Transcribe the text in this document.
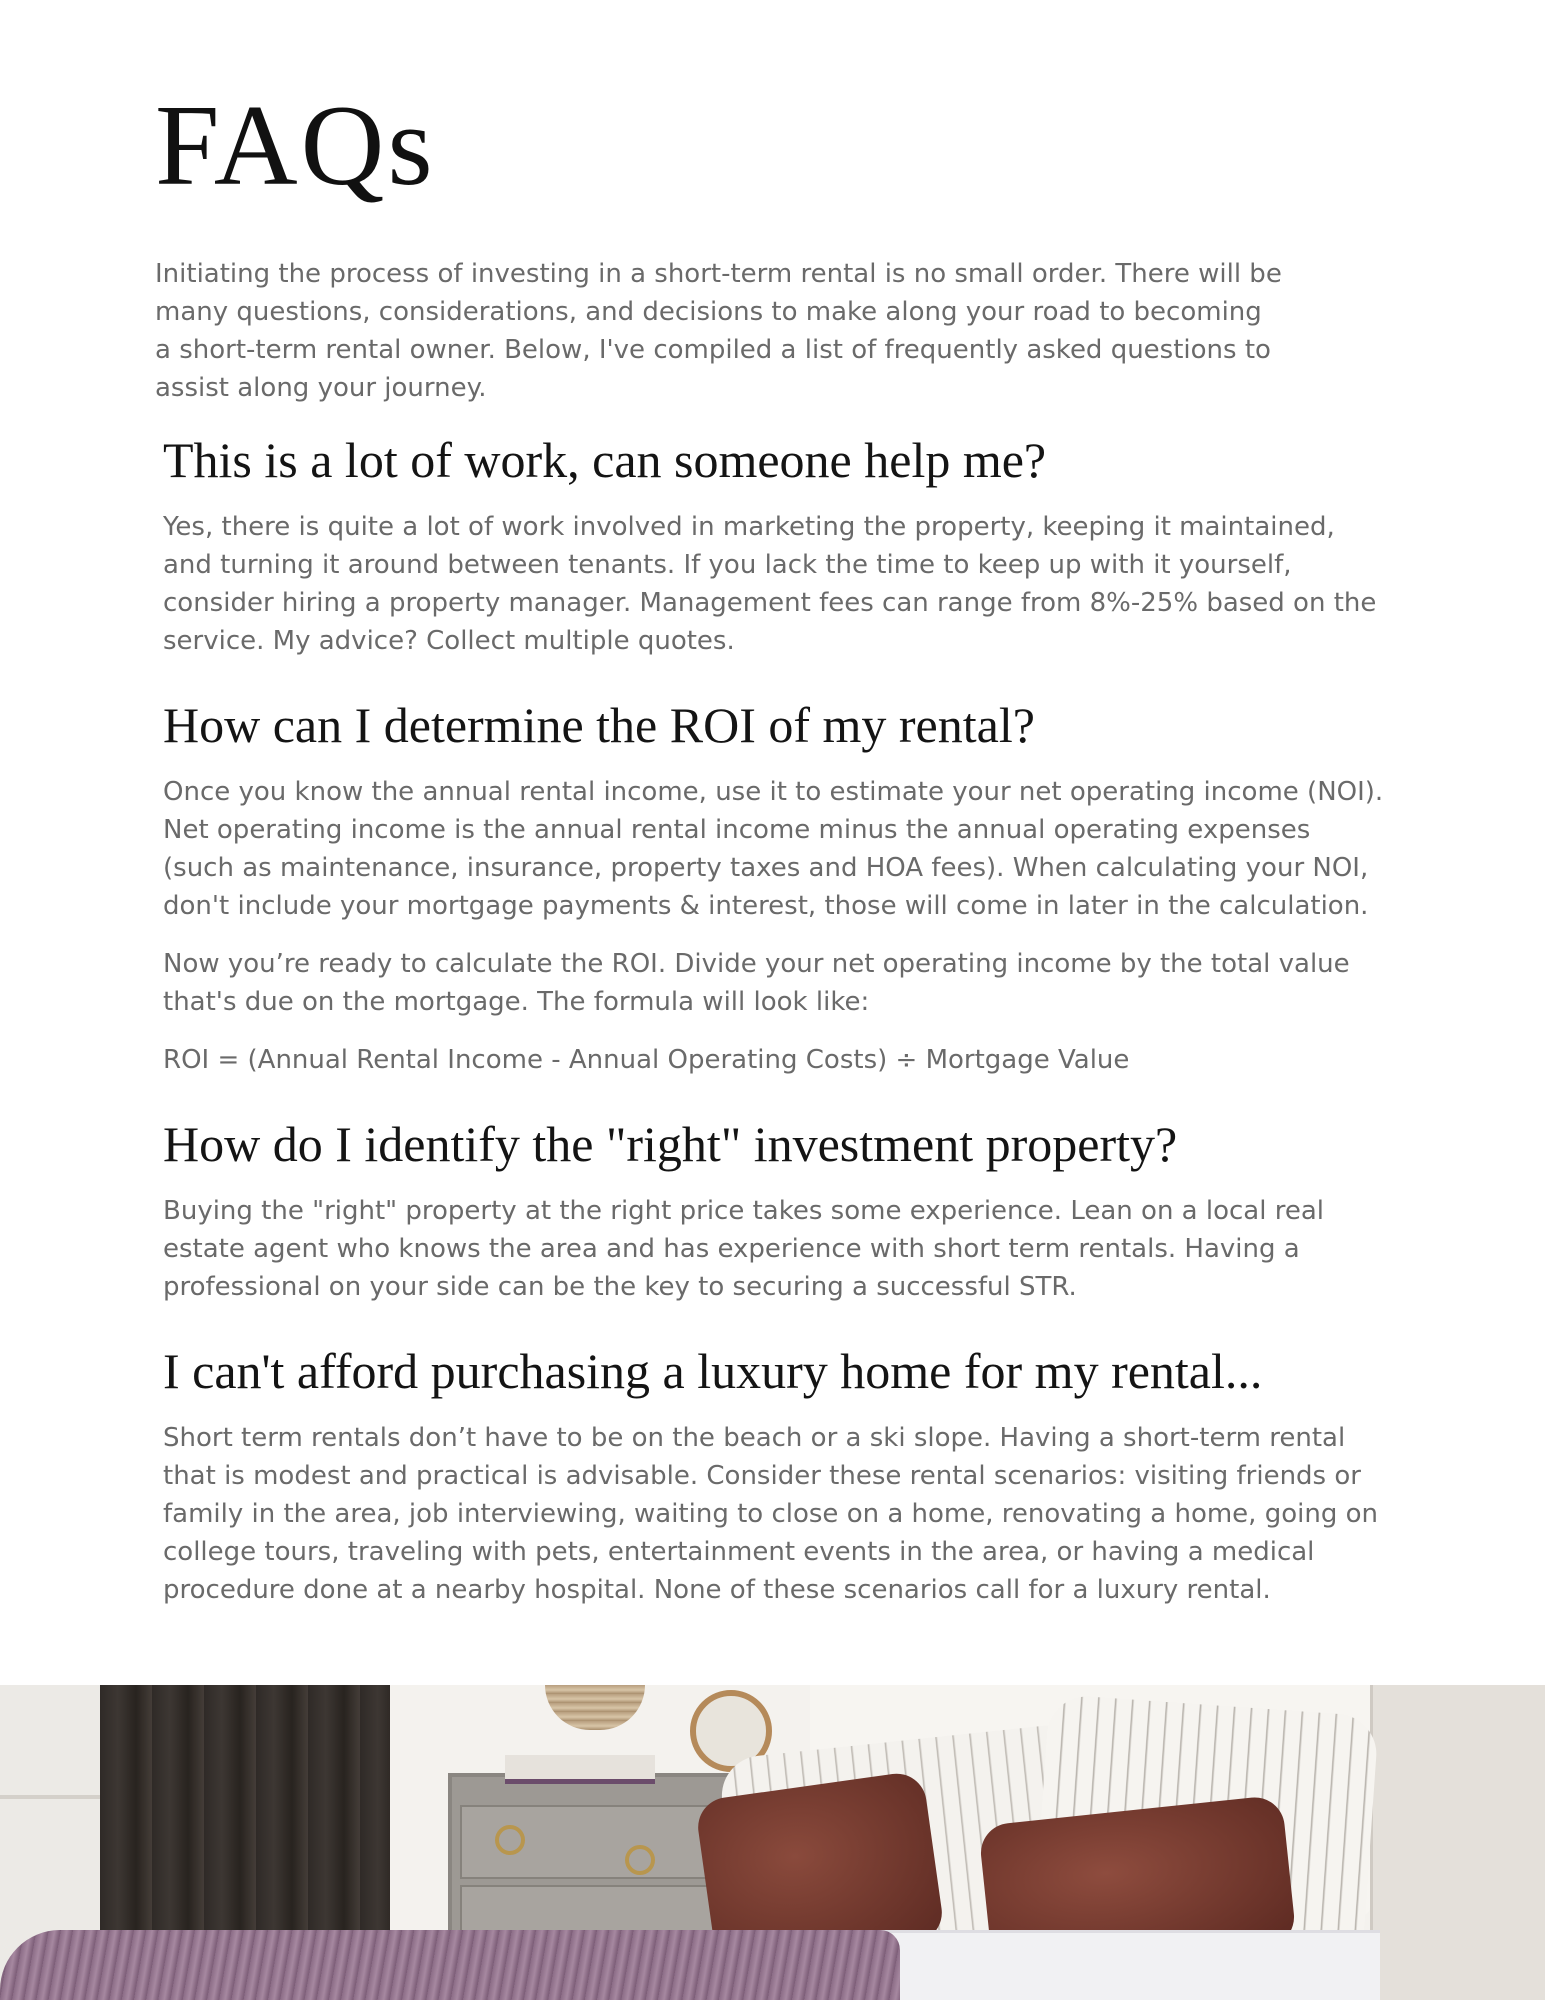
FAQs

Initiating the process of investing in a short-term rental is no small order. There will be many questions, considerations, and decisions to make along your road to becoming a short-term rental owner. Below, I've compiled a list of frequently asked questions to assist along your journey.

This is a lot of work, can someone help me?

Yes, there is quite a lot of work involved in marketing the property, keeping it maintained, and turning it around between tenants. If you lack the time to keep up with it yourself, consider hiring a property manager. Management fees can range from 8%-25% based on the service. My advice? Collect multiple quotes.

How can I determine the ROI of my rental?

Once you know the annual rental income, use it to estimate your net operating income (NOI). Net operating income is the annual rental income minus the annual operating expenses (such as maintenance, insurance, property taxes and HOA fees). When calculating your NOI, don't include your mortgage payments & interest, those will come in later in the calculation.

Now you’re ready to calculate the ROI. Divide your net operating income by the total value that's due on the mortgage. The formula will look like:

ROI = (Annual Rental Income - Annual Operating Costs) ÷ Mortgage Value

How do I identify the "right" investment property?

Buying the "right" property at the right price takes some experience. Lean on a local real estate agent who knows the area and has experience with short term rentals. Having a professional on your side can be the key to securing a successful STR.

I can't afford purchasing a luxury home for my rental...

Short term rentals don’t have to be on the beach or a ski slope. Having a short-term rental that is modest and practical is advisable. Consider these rental scenarios: visiting friends or family in the area, job interviewing, waiting to close on a home, renovating a home, going on college tours, traveling with pets, entertainment events in the area, or having a medical procedure done at a nearby hospital. None of these scenarios call for a luxury rental.
